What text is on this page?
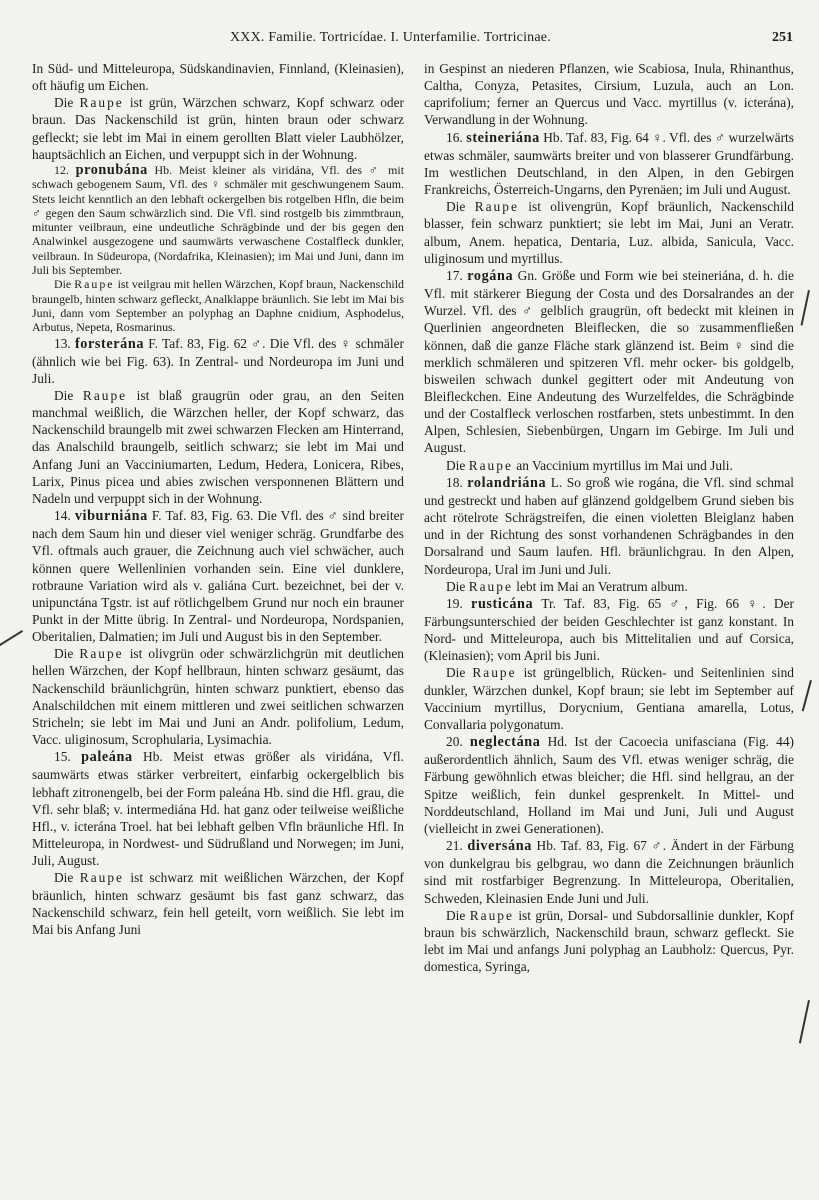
XXX. Familie. Tortricídae. I. Unterfamilie. Tortricinae.	251

In Süd- und Mitteleuropa, Südskandinavien, Finnland, (Kleinasien), oft häufig um Eichen.

Die Raupe ist grün, Wärzchen schwarz, Kopf schwarz oder braun. Das Nackenschild ist grün, hinten braun oder schwarz gefleckt; sie lebt im Mai in einem gerollten Blatt vieler Laubhölzer, hauptsächlich an Eichen, und verpuppt sich in der Wohnung.

12. pronubána Hb. Meist kleiner als viridána, Vfl. des ♂ mit schwach gebogenem Saum, Vfl. des ♀ schmäler mit geschwungenem Saum. Stets leicht kenntlich an den lebhaft ockergelben bis rotgelben Hfln, die beim ♂ gegen den Saum schwärzlich sind. Die Vfl. sind rostgelb bis zimmtbraun, mitunter veilbraun, eine undeutliche Schrägbinde und der bis gegen den Analwinkel ausgezogene und saumwärts verwaschene Costalfleck dunkler, veilbraun. In Südeuropa, (Nordafrika, Kleinasien); im Mai und Juni, dann im Juli bis September.

Die Raupe ist veilgrau mit hellen Wärzchen, Kopf braun, Nackenschild braungelb, hinten schwarz gefleckt, Analklappe bräunlich. Sie lebt im Mai bis Juni, dann vom September an polyphag an Daphne cnidium, Asphodelus, Arbutus, Nepeta, Rosmarinus.

13. forsterána F. Taf. 83, Fig. 62 ♂. Die Vfl. des ♀ schmäler (ähnlich wie bei Fig. 63). In Zentral- und Nordeuropa im Juni und Juli.

Die Raupe ist blaß graugrün oder grau, an den Seiten manchmal weißlich, die Wärzchen heller, der Kopf schwarz, das Nackenschild braungelb mit zwei schwarzen Flecken am Hinterrand, das Analschild braungelb, seitlich schwarz; sie lebt im Mai und Anfang Juni an Vacciniumarten, Ledum, Hedera, Lonicera, Ribes, Larix, Pinus picea und abies zwischen versponnenen Blättern und Nadeln und verpuppt sich in der Wohnung.

14. viburniána F. Taf. 83, Fig. 63. Die Vfl. des ♂ sind breiter nach dem Saum hin und dieser viel weniger schräg. Grundfarbe des Vfl. oftmals auch grauer, die Zeichnung auch viel schwächer, auch können quere Wellenlinien vorhanden sein. Eine viel dunklere, rotbraune Variation wird als v. galiána Curt. bezeichnet, bei der v. unipunctána Tgstr. ist auf rötlichgelbem Grund nur noch ein brauner Punkt in der Mitte übrig. In Zentral- und Nordeuropa, Nordspanien, Oberitalien, Dalmatien; im Juli und August bis in den September.

Die Raupe ist olivgrün oder schwärzlichgrün mit deutlichen hellen Wärzchen, der Kopf hellbraun, hinten schwarz gesäumt, das Nackenschild bräunlichgrün, hinten schwarz punktiert, ebenso das Analschildchen mit einem mittleren und zwei seitlichen schwarzen Stricheln; sie lebt im Mai und Juni an Andr. polifolium, Ledum, Vacc. uliginosum, Scrophularia, Lysimachia.

15. paleána Hb. Meist etwas größer als viridána, Vfl. saumwärts etwas stärker verbreitert, einfarbig ockergelblich bis lebhaft zitronengelb, bei der Form paleána Hb. sind die Hfl. grau, die Vfl. sehr blaß; v. intermediána Hd. hat ganz oder teilweise weißliche Hfl., v. icterána Troel. hat bei lebhaft gelben Vfln bräunliche Hfl. In Mitteleuropa, in Nordwest- und Südrußland und Norwegen; im Juni, Juli, August.

Die Raupe ist schwarz mit weißlichen Wärzchen, der Kopf bräunlich, hinten schwarz gesäumt bis fast ganz schwarz, das Nackenschild schwarz, fein hell geteilt, vorn weißlich. Sie lebt im Mai bis Anfang Juni

in Gespinst an niederen Pflanzen, wie Scabiosa, Inula, Rhinanthus, Caltha, Conyza, Petasites, Cirsium, Luzula, auch an Lon. caprifolium; ferner an Quercus und Vacc. myrtillus (v. icterána), Verwandlung in der Wohnung.

16. steineriána Hb. Taf. 83, Fig. 64 ♀. Vfl. des ♂ wurzelwärts etwas schmäler, saumwärts breiter und von blasserer Grundfärbung. Im westlichen Deutschland, in den Alpen, in den Gebirgen Frankreichs, Österreich-Ungarns, den Pyrenäen; im Juli und August.

Die Raupe ist olivengrün, Kopf bräunlich, Nackenschild blasser, fein schwarz punktiert; sie lebt im Mai, Juni an Veratr. album, Anem. hepatica, Dentaria, Luz. albida, Sanicula, Vacc. uliginosum und myrtillus.

17. rogána Gn. Größe und Form wie bei steineriána, d. h. die Vfl. mit stärkerer Biegung der Costa und des Dorsalrandes an der Wurzel. Vfl. des ♂ gelblich graugrün, oft bedeckt mit kleinen in Querlinien angeordneten Bleiflecken, die so zusammenfließen können, daß die ganze Fläche stark glänzend ist. Beim ♀ sind die merklich schmäleren und spitzeren Vfl. mehr ocker- bis goldgelb, bisweilen schwach dunkel gegittert oder mit Andeutung von Bleifleckchen. Eine Andeutung des Wurzelfeldes, die Schrägbinde und der Costalfleck verloschen rostfarben, stets unbestimmt. In den Alpen, Schlesien, Siebenbürgen, Ungarn im Gebirge. Im Juli und August.

Die Raupe an Vaccinium myrtillus im Mai und Juli.

18. rolandriána L. So groß wie rogána, die Vfl. sind schmal und gestreckt und haben auf glänzend goldgelbem Grund sieben bis acht rötelrote Schrägstreifen, die einen violetten Bleiglanz haben und in der Richtung des sonst vorhandenen Schrägbandes in den Dorsalrand und Saum laufen. Hfl. bräunlichgrau. In den Alpen, Nordeuropa, Ural im Juni und Juli.

Die Raupe lebt im Mai an Veratrum album.

19. rusticána Tr. Taf. 83, Fig. 65 ♂, Fig. 66 ♀. Der Färbungsunterschied der beiden Geschlechter ist ganz konstant. In Nord- und Mitteleuropa, auch bis Mittelitalien und auf Corsica, (Kleinasien); vom April bis Juni.

Die Raupe ist grüngelblich, Rücken- und Seitenlinien sind dunkler, Wärzchen dunkel, Kopf braun; sie lebt im September auf Vaccinium myrtillus, Dorycnium, Gentiana amarella, Lotus, Convallaria polygonatum.

20. neglectána Hd. Ist der Cacoecia unifasciana (Fig. 44) außerordentlich ähnlich, Saum des Vfl. etwas weniger schräg, die Färbung gewöhnlich etwas bleicher; die Hfl. sind hellgrau, an der Spitze weißlich, fein dunkel gesprenkelt. In Mittel- und Norddeutschland, Holland im Mai und Juni, Juli und August (vielleicht in zwei Generationen).

21. diversána Hb. Taf. 83, Fig. 67 ♂. Ändert in der Färbung von dunkelgrau bis gelbgrau, wo dann die Zeichnungen bräunlich sind mit rostfarbiger Begrenzung. In Mitteleuropa, Oberitalien, Schweden, Kleinasien Ende Juni und Juli.

Die Raupe ist grün, Dorsal- und Subdorsallinie dunkler, Kopf braun bis schwärzlich, Nackenschild braun, schwarz gefleckt. Sie lebt im Mai und anfangs Juni polyphag an Laubholz: Quercus, Pyr. domestica, Syringa,
